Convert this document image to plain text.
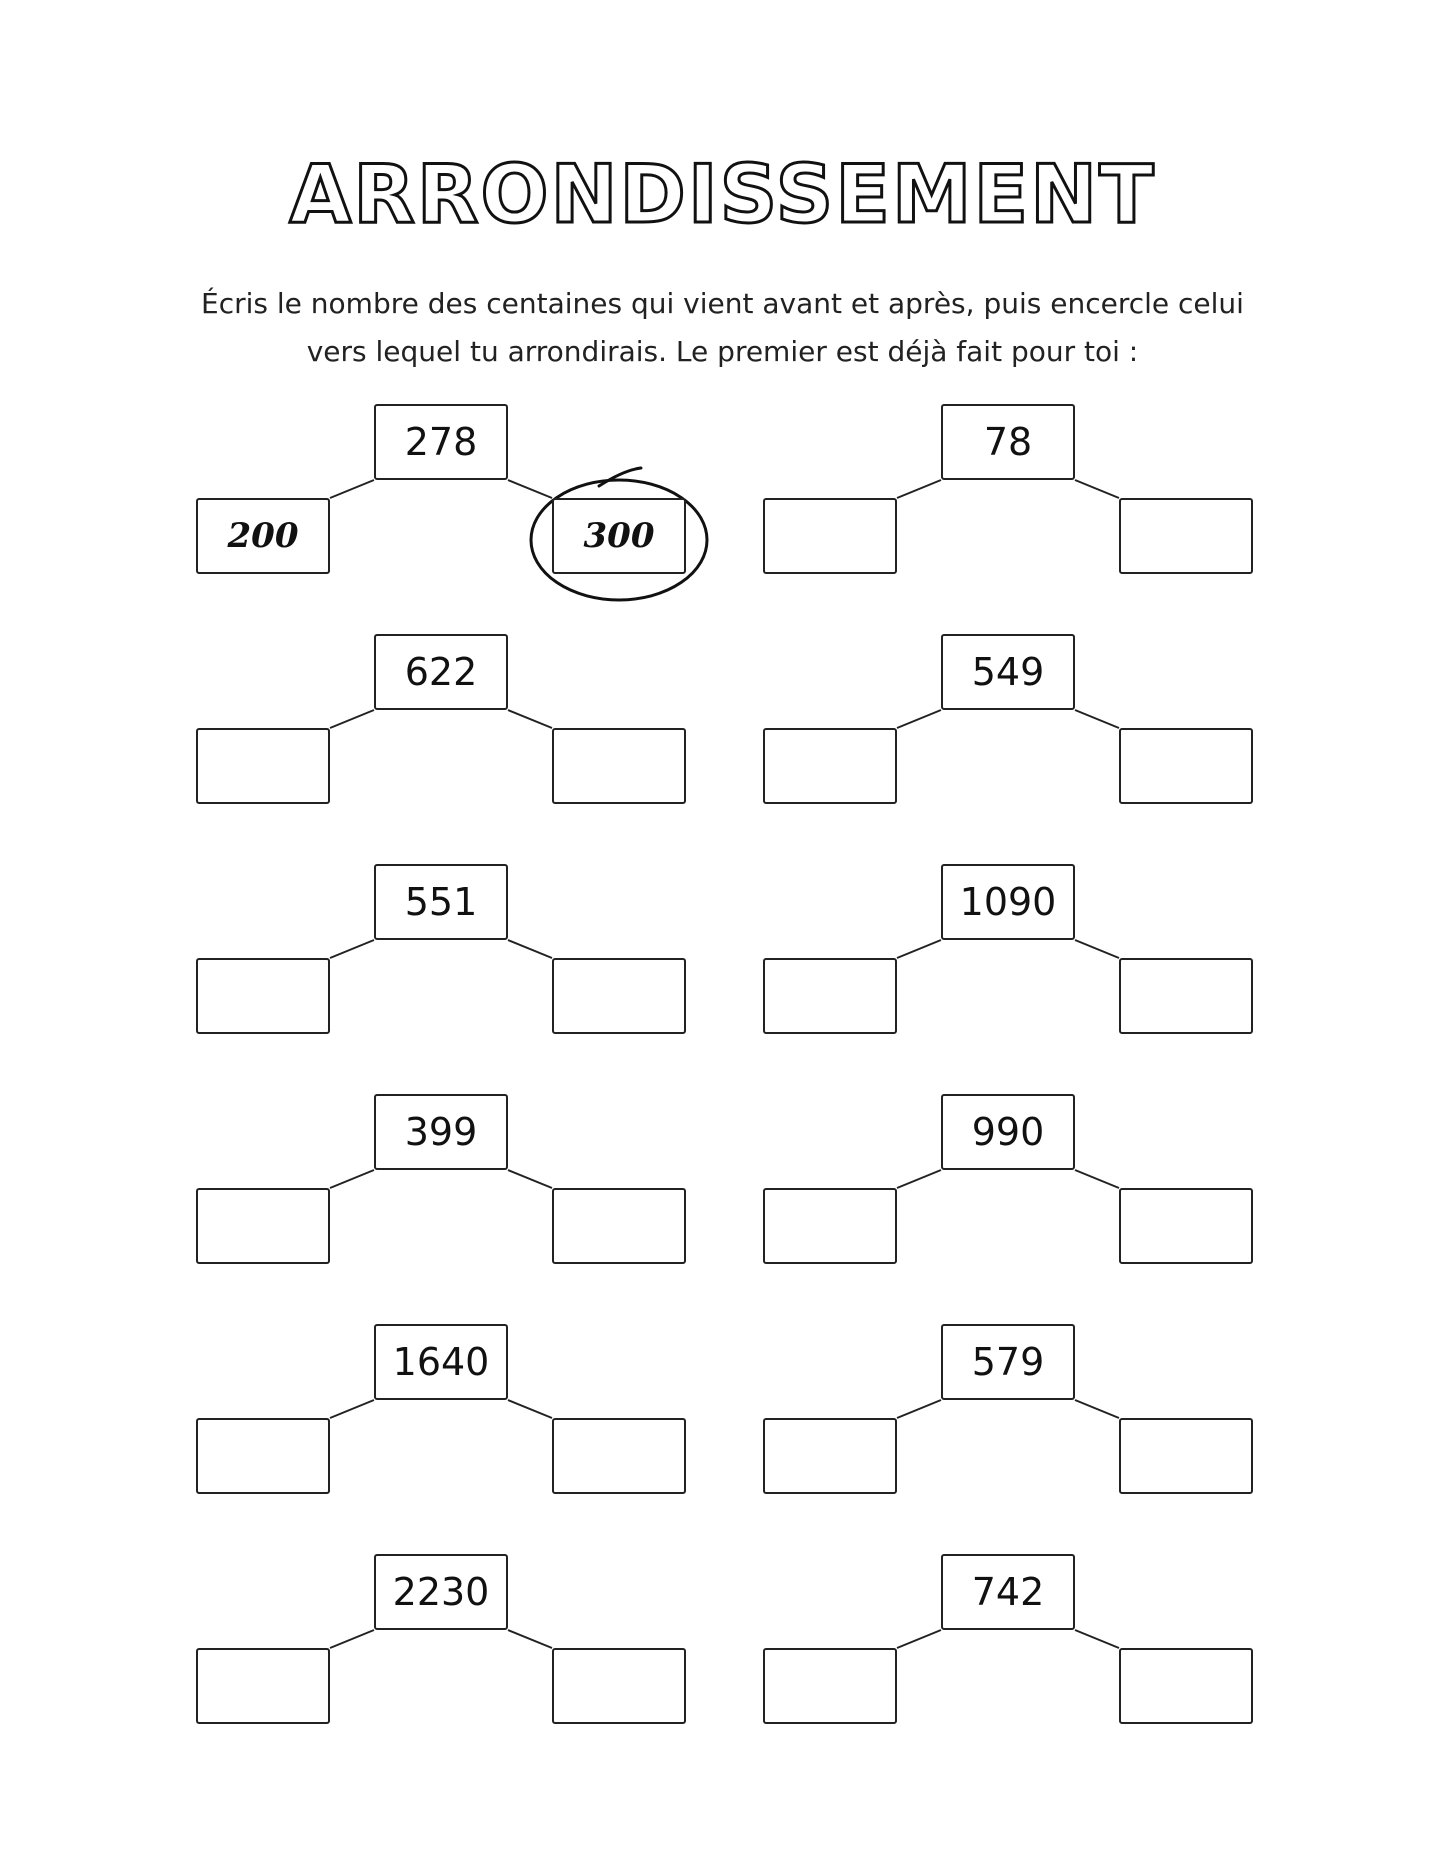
ARRONDISSEMENT
Écris le nombre des centaines qui vient avant et après, puis encercle celui
vers lequel tu arrondirais. Le premier est déjà fait pour toi :
278
200	300
78
622	549
551	1090
399	990
1640	579
2230	742
